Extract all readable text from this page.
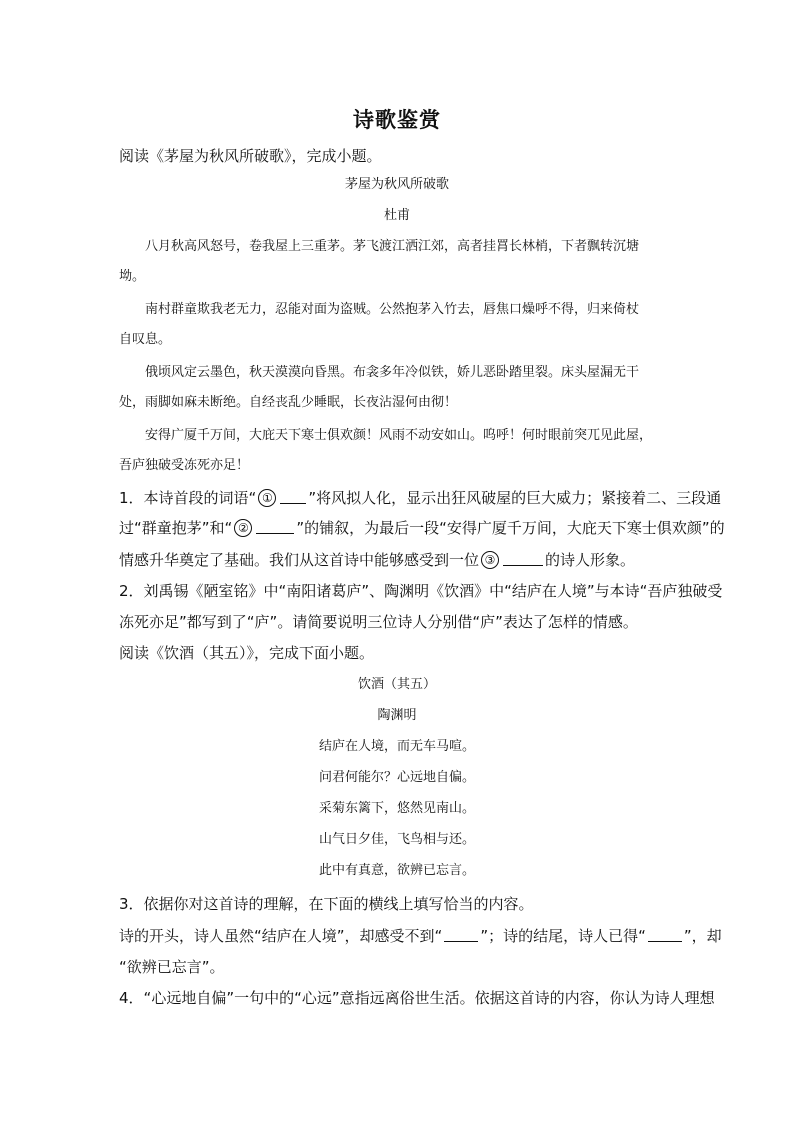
诗歌鉴赏
阅读《茅屋为秋风所破歌》，完成小题。
茅屋为秋风所破歌
杜甫
八月秋高风怒号，卷我屋上三重茅。茅飞渡江洒江郊，高者挂罥长林梢，下者飘转沉塘
坳。
南村群童欺我老无力，忍能对面为盗贼。公然抱茅入竹去，唇焦口燥呼不得，归来倚杖
自叹息。
俄顷风定云墨色，秋天漠漠向昏黑。布衾多年冷似铁，娇儿恶卧踏里裂。床头屋漏无干
处，雨脚如麻未断绝。自经丧乱少睡眠，长夜沾湿何由彻！
安得广厦千万间，大庇天下寒士俱欢颜！风雨不动安如山。呜呼！何时眼前突兀见此屋，
吾庐独破受冻死亦足！
1．本诗首段的词语“ ① ”将风拟人化，显示出狂风破屋的巨大威力；紧接着二、三段通
过“群童抱茅”和“ ②	”的铺叙，为最后一段“安得广厦千万间，大庇天下寒士俱欢颜”的
情感升华奠定了基础。我们从这首诗中能够感受到一位 ③	的诗人形象。
2．刘禹锡《陋室铭》中“南阳诸葛庐”、陶渊明《饮酒》中“结庐在人境”与本诗“吾庐独破受
冻死亦足”都写到了“庐”。请简要说明三位诗人分别借“庐”表达了怎样的情感。
阅读《饮酒（其五）》，完成下面小题。
饮酒（其五）
陶渊明
结庐在人境，而无车马喧。
问君何能尔？心远地自偏。
采菊东篱下，悠然见南山。
山气日夕佳，飞鸟相与还。
此中有真意，欲辨已忘言。
3．依据你对这首诗的理解，在下面的横线上填写恰当的内容。
诗的开头，诗人虽然“结庐在人境”，却感受不到“	”；诗的结尾，诗人已得“	”，却
“欲辨已忘言”。
4．“心远地自偏”一句中的“心远”意指远离俗世生活。依据这首诗的内容，你认为诗人理想
